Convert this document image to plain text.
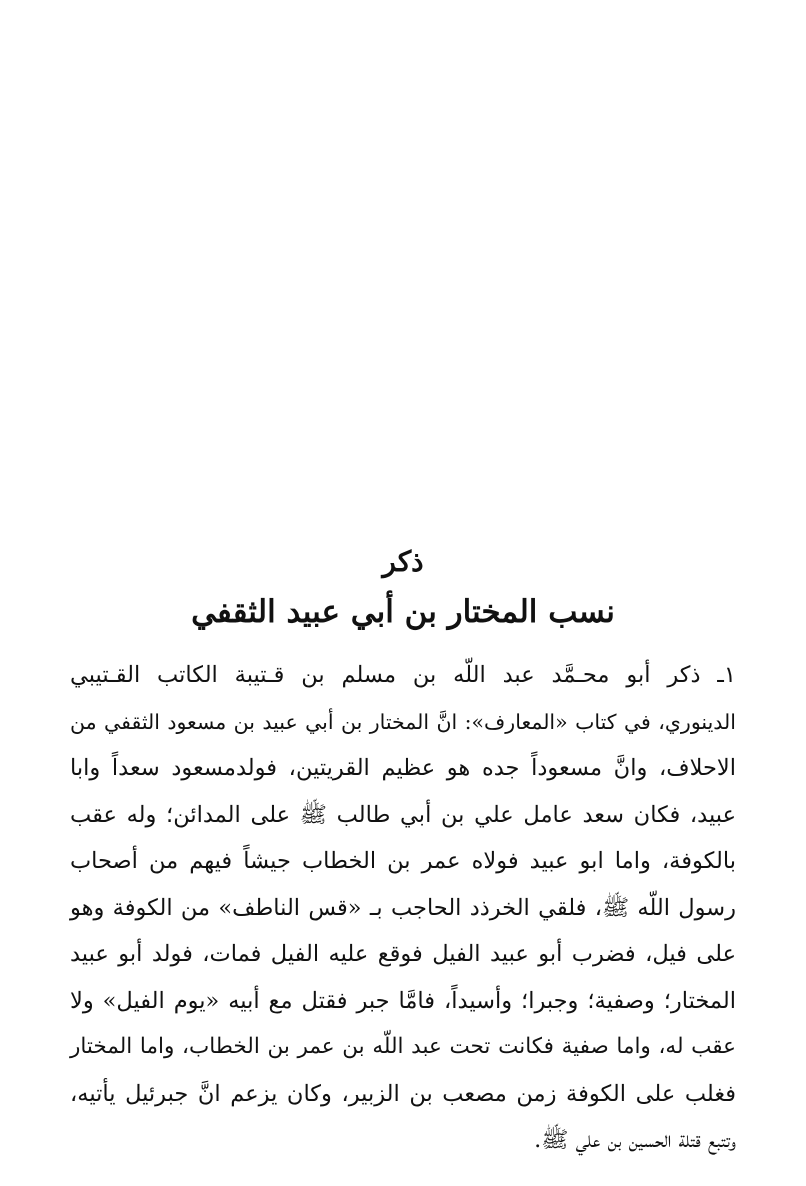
ذكر
نسب المختار بن أبي عبيد الثقفي
١ـ ذكر أبو محـمَّد عبد اللّه بن مسلم بن قـتيبة الكاتب القـتيبي
الدينوري، في كتاب «المعارف»: انَّ المختار بن أبي عبيد بن مسعود الثقفي من
الاحلاف، وانَّ مسعوداً جده هو عظيم القريتين، فولدمسعود سعداً وابا
عبيد، فكان سعد عامل علي بن أبي طالب ﷺ على المدائن؛ وله عقب
بالكوفة، واما ابو عبيد فولاه عمر بن الخطاب جيشاً فيهم من أصحاب
رسول اللّه ﷺ، فلقي الخرذد الحاجب بـ «قس الناطف» من الكوفة وهو
على فيل، فضرب أبو عبيد الفيل فوقع عليه الفيل فمات، فولد أبو عبيد
المختار؛ وصفية؛ وجبرا؛ وأسيداً، فامَّا جبر فقتل مع أبيه «يوم الفيل» ولا
عقب له، واما صفية فكانت تحت عبد اللّه بن عمر بن الخطاب، واما المختار
فغلب على الكوفة زمن مصعب بن الزبير، وكان يزعم انَّ جبرئيل يأتيه،
وتتبع قتلة الحسين بن علي ﷺ.
